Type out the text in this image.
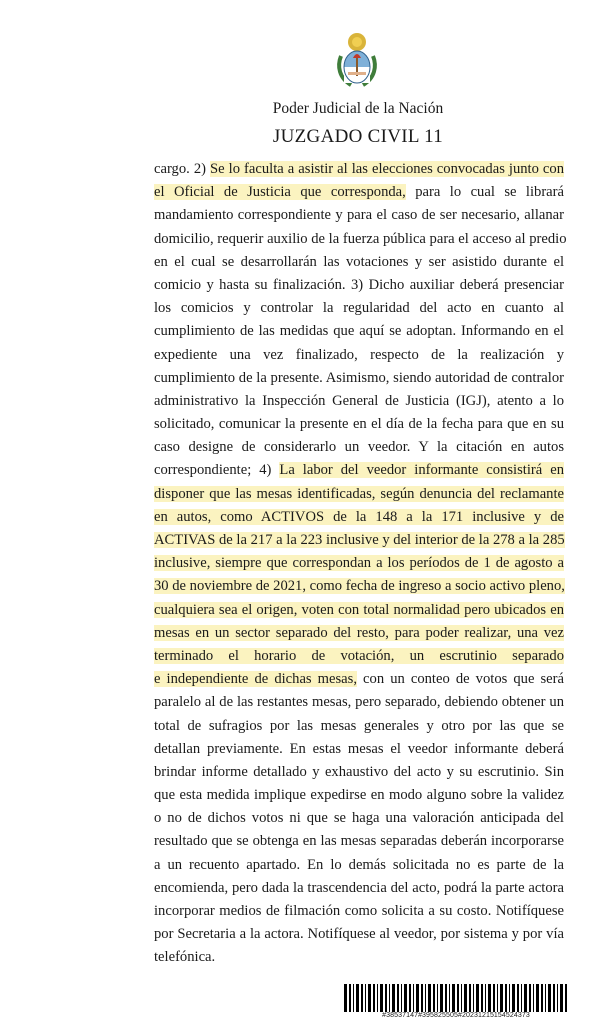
Poder Judicial de la Nación
JUZGADO CIVIL 11
cargo. 2) Se lo faculta a asistir al las elecciones convocadas junto con
el Oficial de Justicia que corresponda, para lo cual se librará
mandamiento correspondiente y para el caso de ser necesario, allanar
domicilio, requerir auxilio de la fuerza pública para el acceso al predio
en el cual se desarrollarán las votaciones y ser asistido durante el
comicio y hasta su finalización. 3) Dicho auxiliar deberá presenciar
los comicios y controlar la regularidad del acto en cuanto al
cumplimiento de las medidas que aquí se adoptan. Informando en el
expediente una vez finalizado, respecto de la realización y
cumplimiento de la presente. Asimismo, siendo autoridad de contralor
administrativo la Inspección General de Justicia (IGJ), atento a lo
solicitado, comunicar la presente en el día de la fecha para que en su
caso designe de considerarlo un veedor. Y la citación en autos
correspondiente; 4) La labor del veedor informante consistirá en
disponer que las mesas identificadas, según denuncia del reclamante
en autos, como ACTIVOS de la 148 a la 171 inclusive y de
ACTIVAS de la 217 a la 223 inclusive y del interior de la 278 a la 285
inclusive, siempre que correspondan a los períodos de 1 de agosto a
30 de noviembre de 2021, como fecha de ingreso a socio activo pleno,
cualquiera sea el origen, voten con total normalidad pero ubicados en
mesas en un sector separado del resto, para poder realizar, una vez
terminado el horario de votación, un escrutinio separado
e independiente de dichas mesas, con un conteo de votos que será
paralelo al de las restantes mesas, pero separado, debiendo obtener un
total de sufragios por las mesas generales y otro por las que se
detallan previamente. En estas mesas el veedor informante deberá
brindar informe detallado y exhaustivo del acto y su escrutinio. Sin
que esta medida implique expedirse en modo alguno sobre la validez
o no de dichos votos ni que se haga una valoración anticipada del
resultado que se obtenga en las mesas separadas deberán incorporarse
a un recuento apartado. En lo demás solicitada no es parte de la
encomienda, pero dada la trascendencia del acto, podrá la parte actora
incorporar medios de filmación como solicita a su costo. Notifíquese
por Secretaria a la actora. Notifíquese al veedor, por sistema y por vía
telefónica.
#38537147#395825505#20231215154524373
